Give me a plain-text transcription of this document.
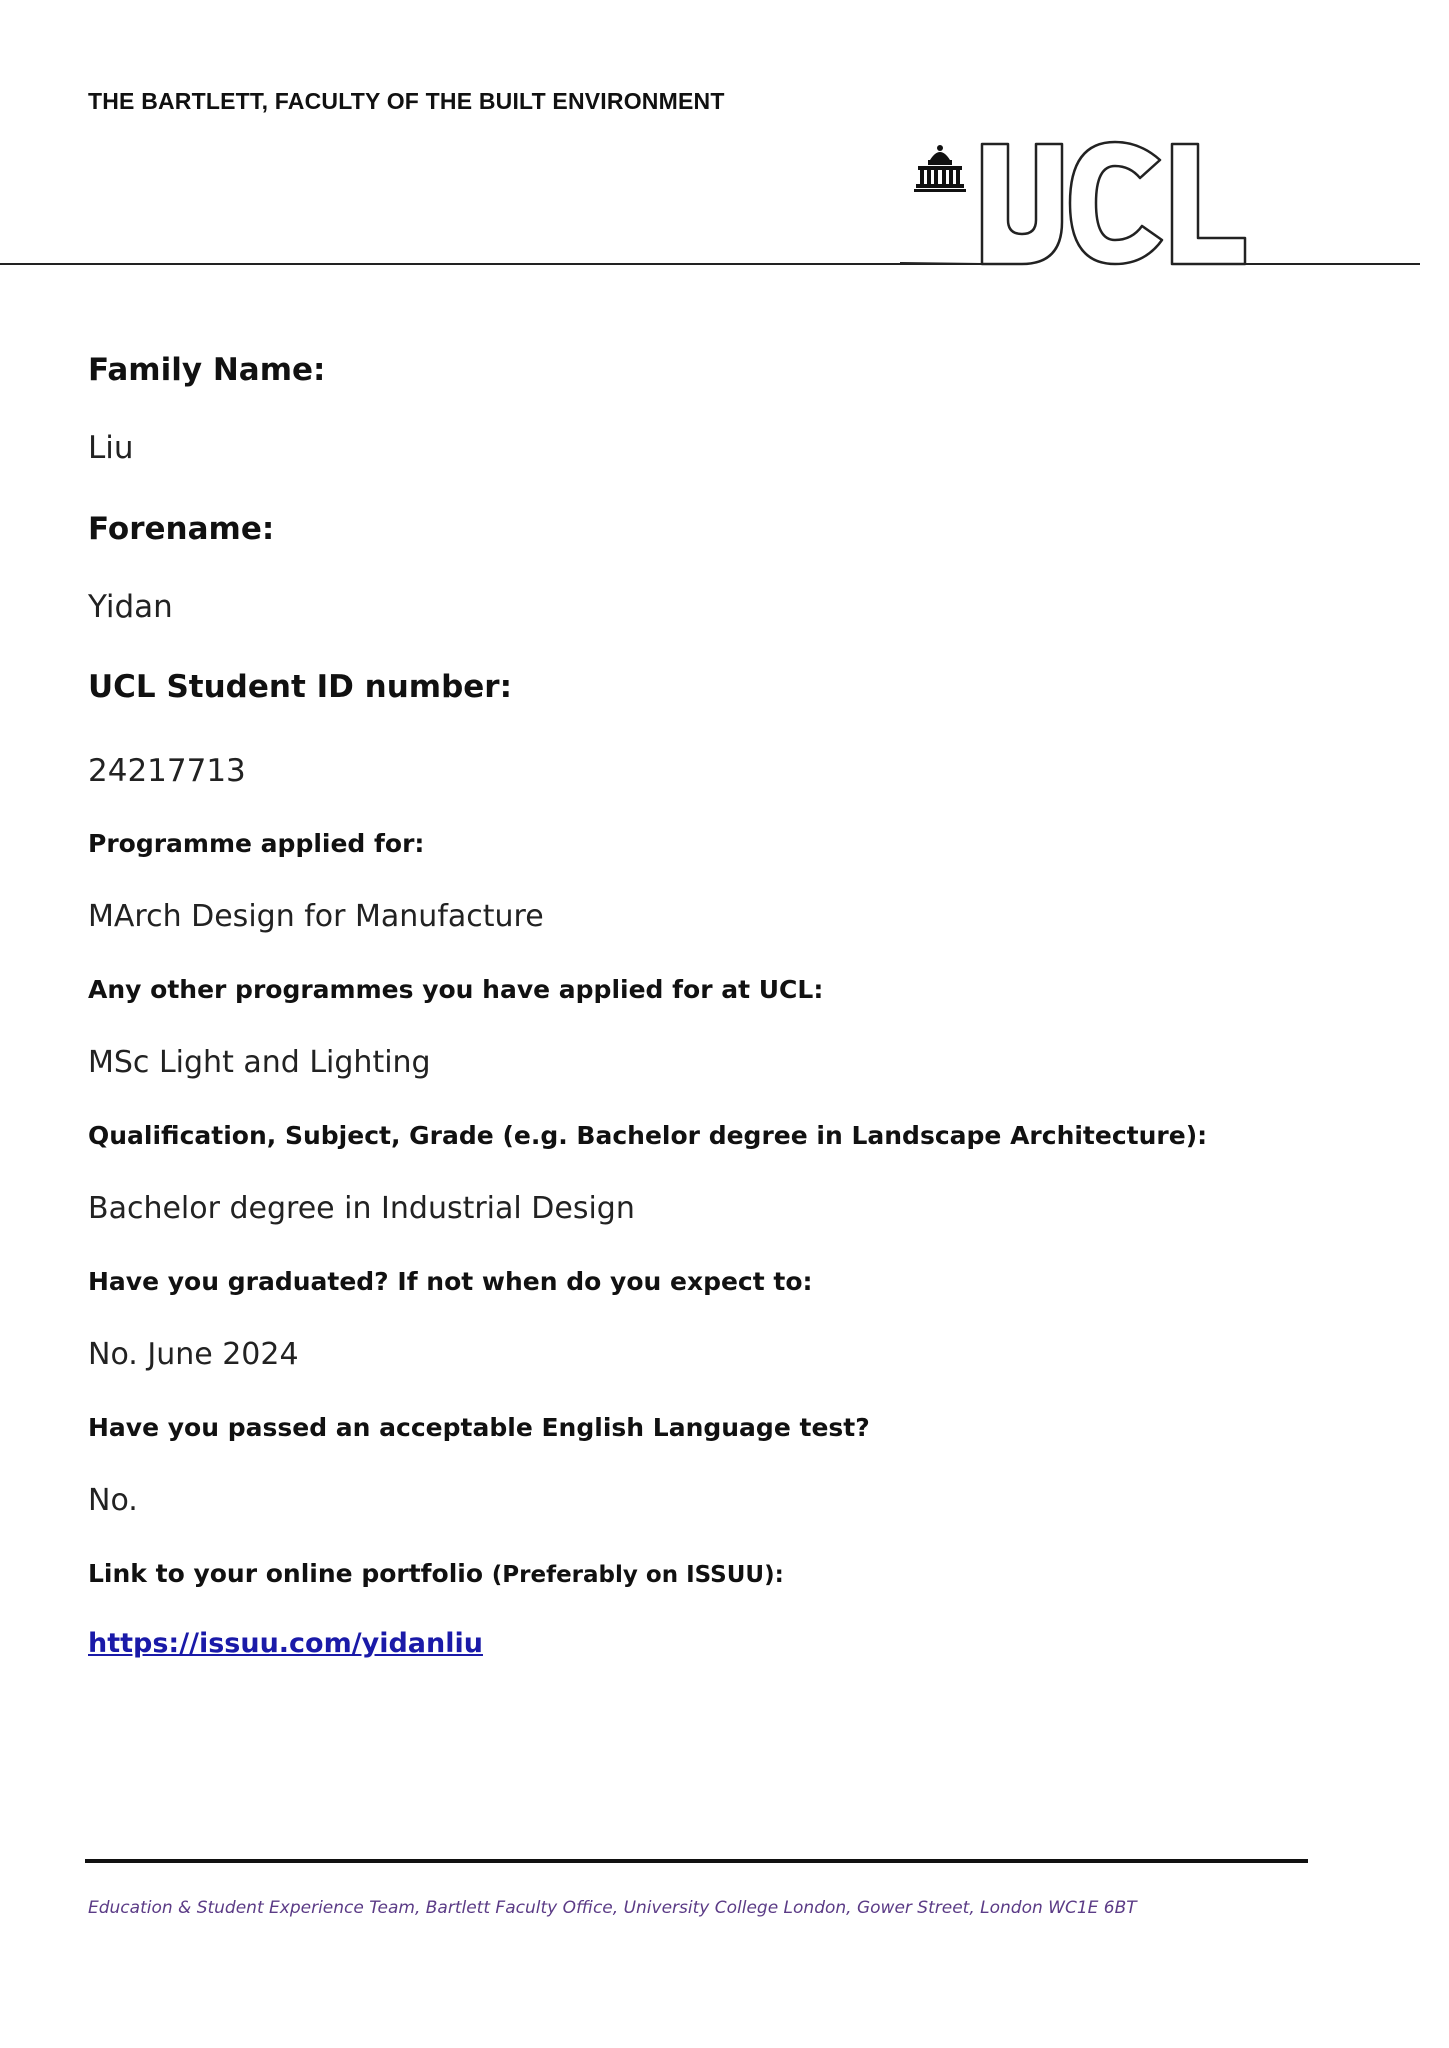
THE BARTLETT, FACULTY OF THE BUILT ENVIRONMENT

Family Name:

Liu

Forename:

Yidan

UCL Student ID number:

24217713

Programme applied for:

MArch Design for Manufacture

Any other programmes you have applied for at UCL:

MSc Light and Lighting

Qualification, Subject, Grade (e.g. Bachelor degree in Landscape Architecture):

Bachelor degree in Industrial Design

Have you graduated? If not when do you expect to:

No. June 2024

Have you passed an acceptable English Language test?

No.

Link to your online portfolio (Preferably on ISSUU):

https://issuu.com/yidanliu

Education & Student Experience Team, Bartlett Faculty Office, University College London, Gower Street, London WC1E 6BT
